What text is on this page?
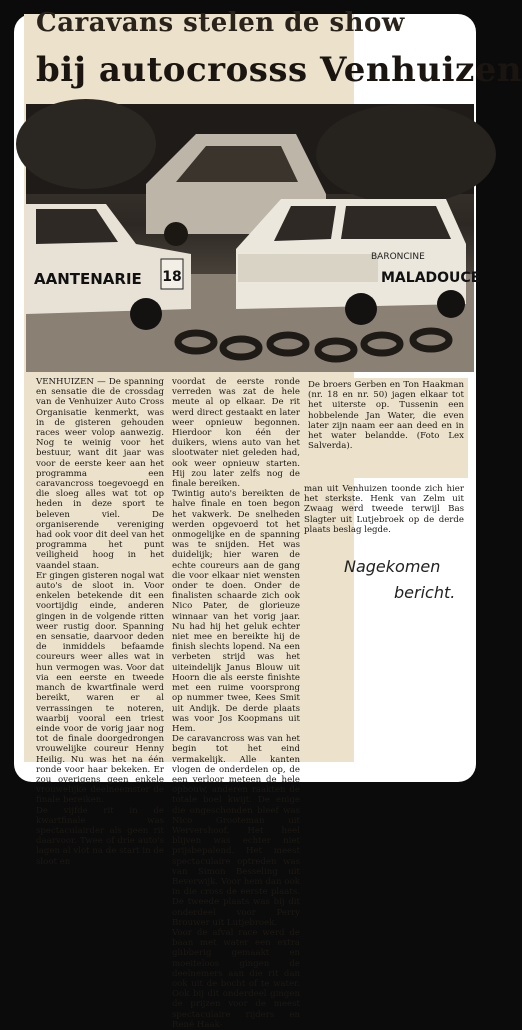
Caravans stelen de show
bij autocrosss Venhuizen
18
AANTENARIE
BARONCINE
MALADOUCE

VENHUIZEN — De spanning en sensatie die de crossdag van de Venhuizer Auto Cross Organisatie kenmerkt, was in de gisteren gehouden races weer volop aanwezig. Nog te weinig voor het bestuur, want dit jaar was voor de eerste keer aan het programma een caravancross toegevoegd en die sloeg alles wat tot op heden in deze sport te beleven viel. De organiserende vereniging had ook voor dit deel van het programma het punt veiligheid hoog in het vaandel staan.

Er gingen gisteren nogal wat auto's de sloot in. Voor enkelen betekende dit een voortijdig einde, anderen gingen in de volgende ritten weer rustig door. Spanning en sensatie, daarvoor deden de inmiddels befaamde coureurs weer alles wat in hun vermogen was. Voor dat via een eerste en tweede manch de kwartfinale werd bereikt, waren er al verrassingen te noteren, waarbij vooral een triest einde voor de vorig jaar nog tot de finale doorgedrongen vrouwelijke coureur Henny Heilig. Nu was het na één ronde voor haar bekeken. Er zou overigens geen enkele vrouwelijke deelneemster de finale bereiken.

De vijfde rit in de kwartfinale was spectaculairder als geen rit daarvoor. Twee of drie auto's lagen al vlot na de start in de sloot en

voordat de eerste ronde verreden was zat de hele meute al op elkaar. De rit werd direct gestaakt en later weer opnieuw begonnen. Hierdoor kon één der duikers, wiens auto van het slootwater niet geleden had, ook weer opnieuw starten. Hij zou later zelfs nog de finale bereiken.

Twintig auto's bereikten de halve finale en toen begon het vakwerk. De snelheden werden opgevoerd tot het onmogelijke en de spanning was te snijden. Het was duidelijk; hier waren de echte coureurs aan de gang die voor elkaar niet wensten onder te doen. Onder de finalisten schaarde zich ook Nico Pater, de glorieuze winnaar van het vorig jaar. Nu had hij het geluk echter niet mee en bereikte hij de finish slechts lopend. Na een verbeten strijd was het uiteindelijk Janus Blouw uit Hoorn die als eerste finishte met een ruime voorsprong op nummer twee, Kees Smit uit Andijk. De derde plaats was voor Jos Koopmans uit Hem.

De caravancross was van het begin tot het eind vermakelijk. Alle kanten vlogen de onderdelen op, de een verloor meteen de hele opbouw, anderen raakten de totale boel kwijt. De enige die ongeschonden bleef was Nico Grooteman uit Wervershoof. Het heel blijven was echter niet prijsbepalend. Het meest spectaculaire optreden was van Simon Besseling uit Beverwijk. Voor hem dan ook in die cross de eerste plaats. De tweede plaats was bij dit onderdeel voor Perry Brouwer uit Lutjebroek.

Voor de afval race werd de baan met water een extra glibberig gemaakt en moeiteloos gingen de deelnemers aan die rit dan ook uit de bocht of te water. Ook bij dit onderdeel gingen de prijzen voor de meest spectaculaire rijders en René Haak-

De broers Gerben en Ton Haakman (nr. 18 en nr. 50) jagen elkaar tot het uiterste op. Tussenin een hobbelende Jan Water, die even later zijn naam eer aan deed en in het water belandde. (Foto Lex Salverda).
man uit Venhuizen toonde zich hier het sterkste. Henk van Zelm uit Zwaag werd tweede terwijl Bas Slagter uit Lutjebroek op de derde plaats beslag legde.
Nagekomen
bericht.
